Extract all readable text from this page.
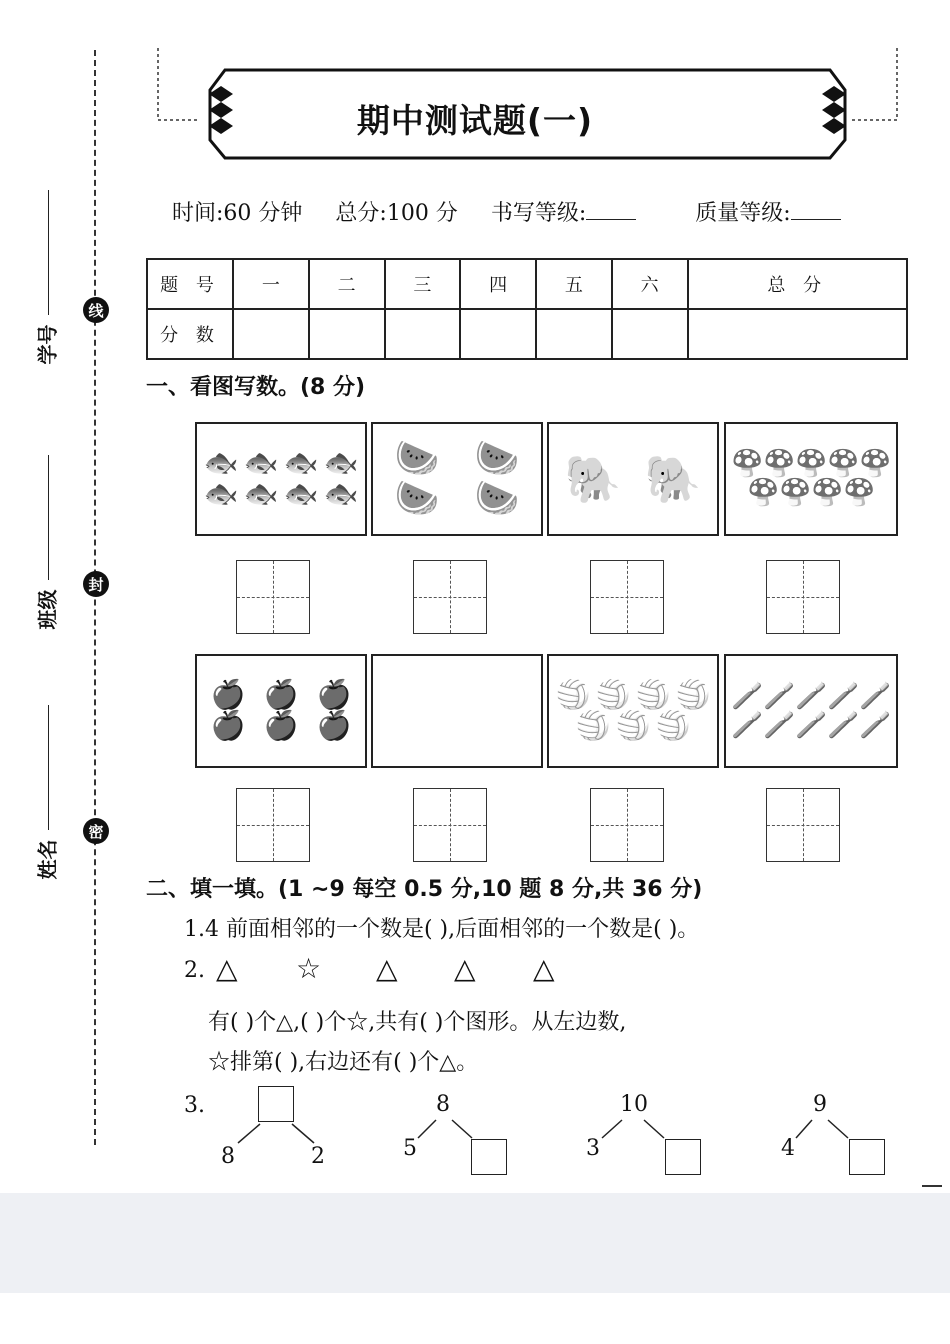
线
封
密
学号
班级
姓名
期中测试题(一)
时间:60 分钟 总分:100 分 书写等级:	质量等级:
题 号	一	二	三	四	五	六	总 分
分 数							
一、看图写数。(8 分)
🐟 🐟 🐟 🐟
🐟 🐟 🐟 🐟
🍉 🍉
🍉 🍉 🐘 🐘	🍄 🍄 🍄 🍄 🍄
🍄 🍄 🍄 🍄
🍎 🍎 🍎
🍎 🍎 🍎
🏐 🏐 🏐 🏐
🏐 🏐 🏐
🪥 🪥 🪥 🪥 🪥
🪥 🪥 🪥 🪥 🪥
二、填一填。(1 ~9 每空 0.5 分,10 题 8 分,共 36 分)
1.4 前面相邻的一个数是( ),后面相邻的一个数是( )。
2. △ ☆ △ △ △
有( )个△,( )个☆,共有( )个图形。从左边数,
☆排第( ),右边还有( )个△。
3.
8	2
8
5
10
3
9
4
